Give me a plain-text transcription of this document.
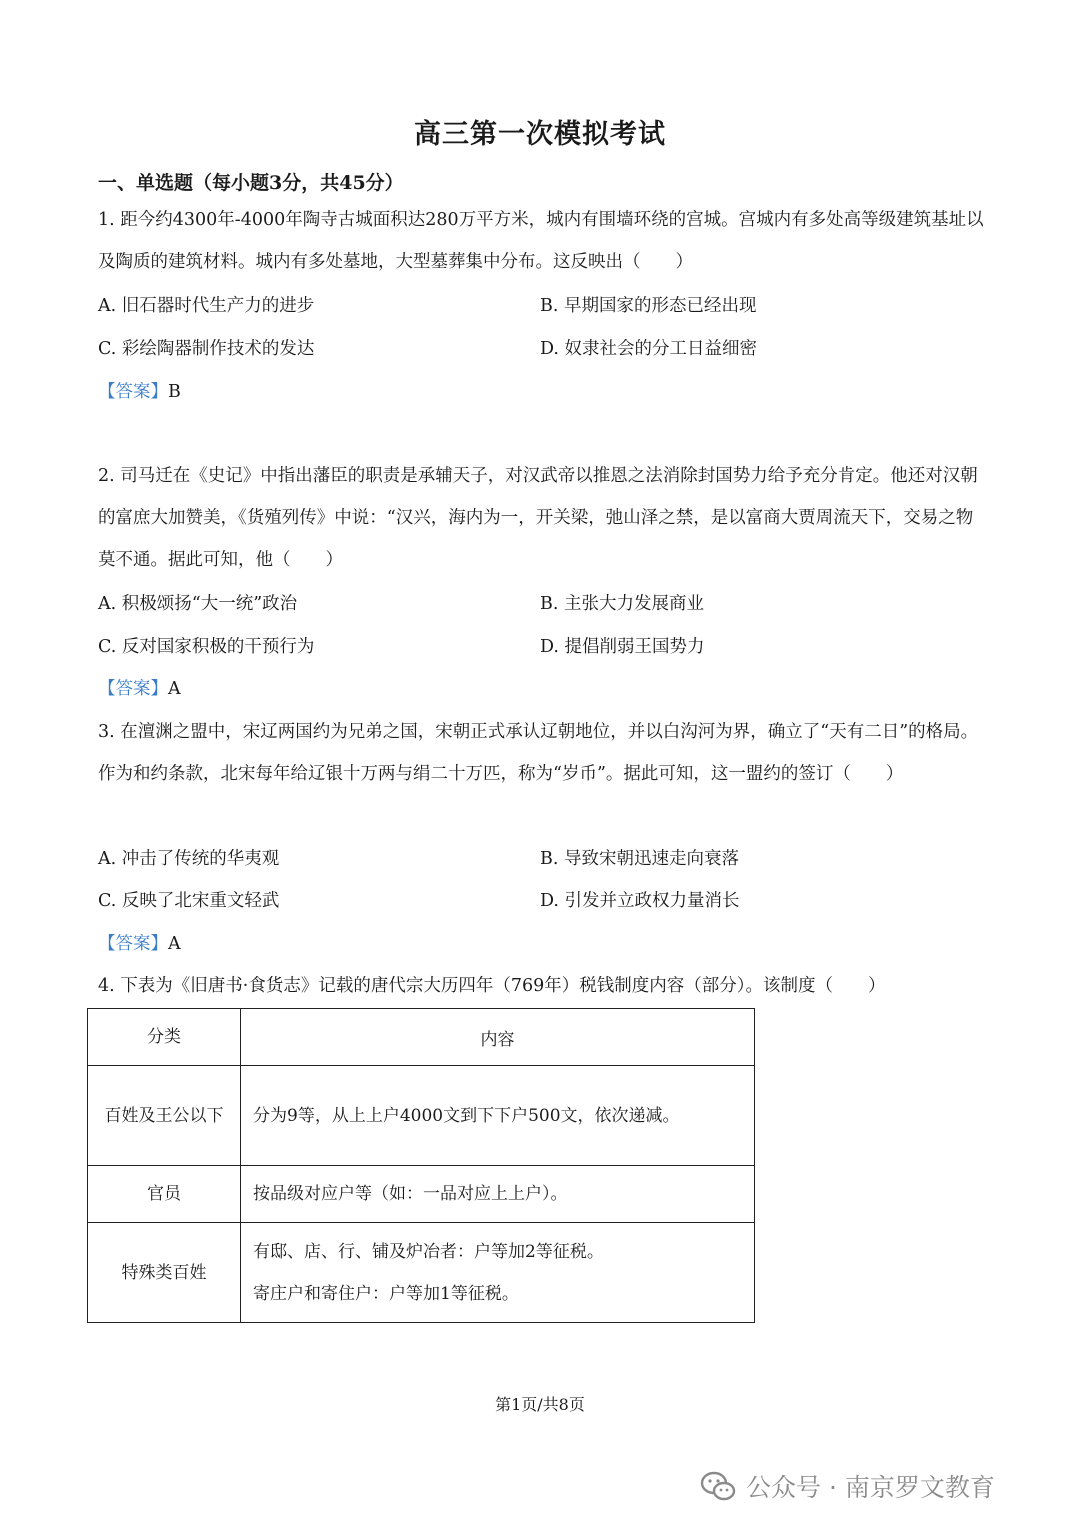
高三第一次模拟考试
一、单选题（每小题3分，共45分）
1. 距今约4300年-4000年陶寺古城面积达280万平方米，城内有围墙环绕的宫城。宫城内有多处高等级建筑基址以及陶质的建筑材料。城内有多处墓地，大型墓葬集中分布。这反映出（　　）
A. 旧石器时代生产力的进步	B. 早期国家的形态已经出现
C. 彩绘陶器制作技术的发达	D. 奴隶社会的分工日益细密
【答案】B
2. 司马迁在《史记》中指出藩臣的职责是承辅天子，对汉武帝以推恩之法消除封国势力给予充分肯定。他还对汉朝的富庶大加赞美，《货殖列传》中说：“汉兴，海内为一，开关梁，弛山泽之禁，是以富商大贾周流天下，交易之物莫不通。据此可知，他（　　）
A. 积极颂扬“大一统”政治	B. 主张大力发展商业
C. 反对国家积极的干预行为	D. 提倡削弱王国势力
【答案】A
3. 在澶渊之盟中，宋辽两国约为兄弟之国，宋朝正式承认辽朝地位，并以白沟河为界，确立了“天有二日”的格局。作为和约条款，北宋每年给辽银十万两与绢二十万匹，称为“岁币”。据此可知，这一盟约的签订（　　）
A. 冲击了传统的华夷观	B. 导致宋朝迅速走向衰落
C. 反映了北宋重文轻武	D. 引发并立政权力量消长
【答案】A
4. 下表为《旧唐书·食货志》记载的唐代宗大历四年（769年）税钱制度内容（部分）。该制度（　　）
分类	内容
百姓及王公以下	分为9等，从上上户4000文到下下户500文，依次递减。

官员	按品级对应户等（如：一品对应上上户）。

特殊类百姓	有邸、店、行、铺及炉冶者：户等加2等征税。
寄庄户和寄住户：户等加1等征税。
第1页/共8页
公众号 · 南京罗文教育
